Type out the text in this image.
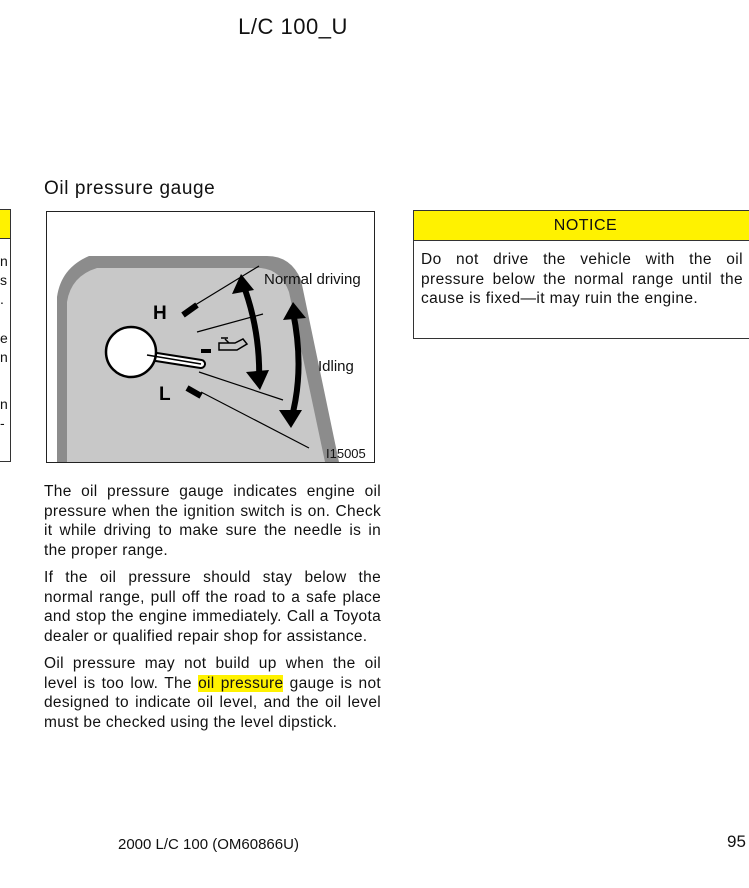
L/C 100_U
n
s
.
e
n
n
-
Oil pressure gauge
H
L
Normal driving
Idling
I15005

The oil pressure gauge indicates engine oil pressure when the ignition switch is on. Check it while driving to make sure the needle is in the proper range.

If the oil pressure should stay below the normal range, pull off the road to a safe place and stop the engine immediately. Call a Toyota dealer or qualified repair shop for assistance.

Oil pressure may not build up when the oil level is too low. The oil pressure gauge is not designed to indicate oil level, and the oil level must be checked using the level dipstick.

NOTICE
Do not drive the vehicle with the oil pressure below the normal range until the cause is fixed—it may ruin the engine.
2000 L/C 100 (OM60866U)	95
